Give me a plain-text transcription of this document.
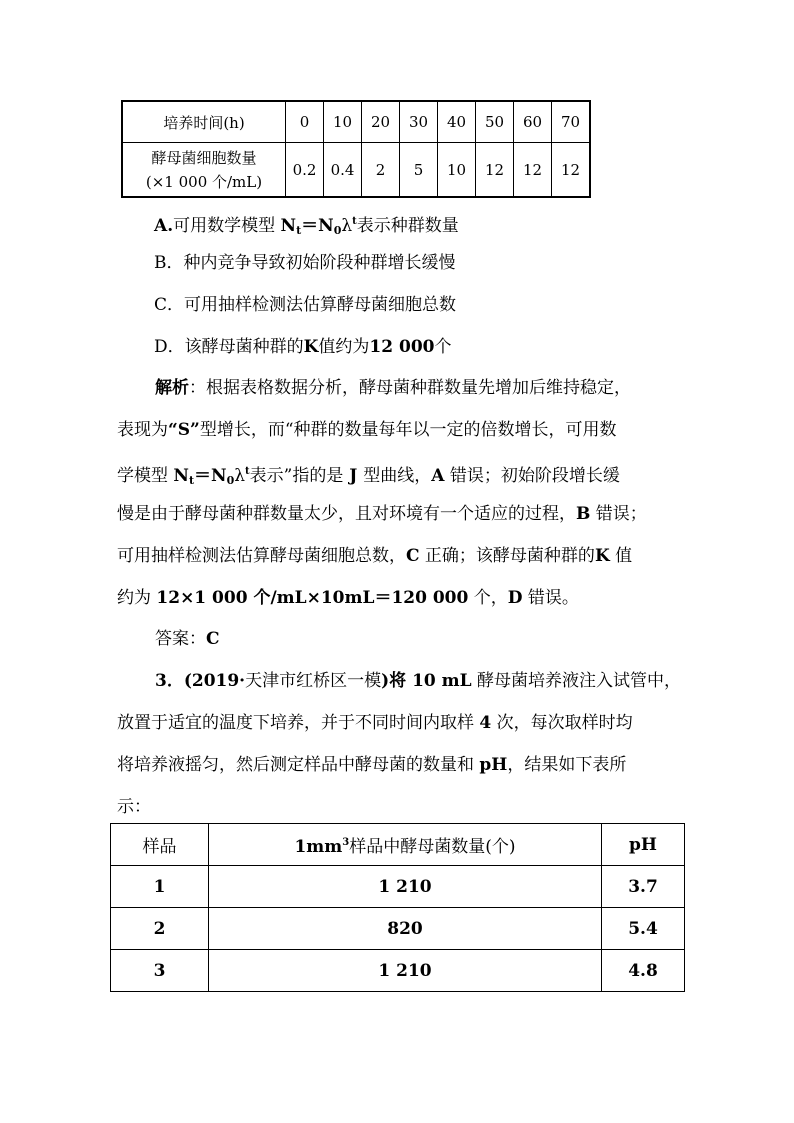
培养时间(h)	0	10	20	30	40	50	60	70

酵母菌细胞数量
(×1 000 个/mL)	0.2	0.4	2	5	10	12	12	12
A.可用数学模型 $N_t=N_0\lambda^t$表示种群数量
B．种内竞争导致初始阶段种群增长缓慢
C．可用抽样检测法估算酵母菌细胞总数
D．该酵母菌种群的K值约为12 000个
解析：根据表格数据分析，酵母菌种群数量先增加后维持稳定，
表现为“S”型增长，而“种群的数量每年以一定的倍数增长，可用数
学模型 $N_t=N_0\lambda^t$表示”指的是 J 型曲线，A 错误；初始阶段增长缓
慢是由于酵母菌种群数量太少，且对环境有一个适应的过程，B 错误；
可用抽样检测法估算酵母菌细胞总数，C 正确；该酵母菌种群的K 值
约为 12×1 000 个/mL×10mL＝120 000 个，D 错误。
答案：C
3．(2019·天津市红桥区一模)将 10 mL 酵母菌培养液注入试管中，
放置于适宜的温度下培养，并于不同时间内取样 4 次，每次取样时均
将培养液摇匀，然后测定样品中酵母菌的数量和 pH，结果如下表所
示：
样品	$1mm^3$样品中酵母菌数量(个)	pH
1	1 210	3.7
2	820	5.4
3	1 210	4.8
